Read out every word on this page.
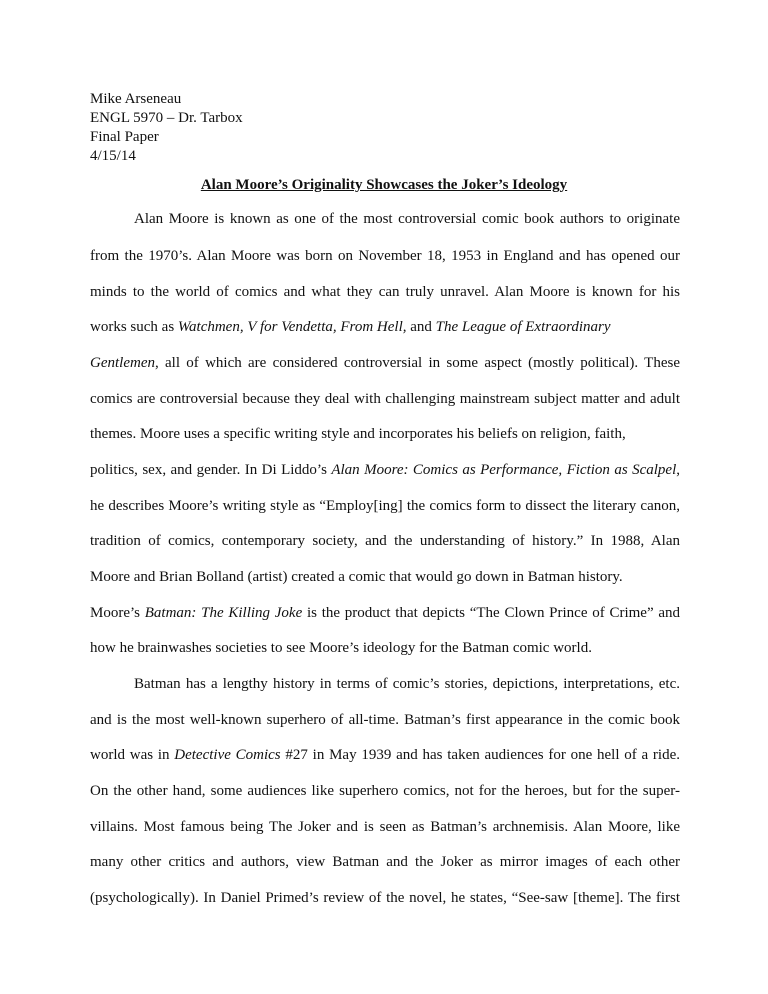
Mike Arseneau
ENGL 5970 – Dr. Tarbox
Final Paper
4/15/14
Alan Moore’s Originality Showcases the Joker’s Ideology
Alan Moore is known as one of the most controversial comic book authors to originate
from the 1970’s. Alan Moore was born on November 18, 1953 in England and has opened our
minds to the world of comics and what they can truly unravel. Alan Moore is known for his
works such as Watchmen, V for Vendetta, From Hell, and The League of Extraordinary
Gentlemen, all of which are considered controversial in some aspect (mostly political). These
comics are controversial because they deal with challenging mainstream subject matter and adult
themes. Moore uses a specific writing style and incorporates his beliefs on religion, faith,
politics, sex, and gender. In Di Liddo’s Alan Moore: Comics as Performance, Fiction as Scalpel,
he describes Moore’s writing style as “Employ[ing] the comics form to dissect the literary canon,
tradition of comics, contemporary society, and the understanding of history.” In 1988, Alan
Moore and Brian Bolland (artist) created a comic that would go down in Batman history.
Moore’s Batman: The Killing Joke is the product that depicts “The Clown Prince of Crime” and
how he brainwashes societies to see Moore’s ideology for the Batman comic world.
Batman has a lengthy history in terms of comic’s stories, depictions, interpretations, etc.
and is the most well-known superhero of all-time. Batman’s first appearance in the comic book
world was in Detective Comics #27 in May 1939 and has taken audiences for one hell of a ride.
On the other hand, some audiences like superhero comics, not for the heroes, but for the super-
villains. Most famous being The Joker and is seen as Batman’s archnemisis. Alan Moore, like
many other critics and authors, view Batman and the Joker as mirror images of each other
(psychologically). In Daniel Primed’s review of the novel, he states, “See-saw [theme]. The first
